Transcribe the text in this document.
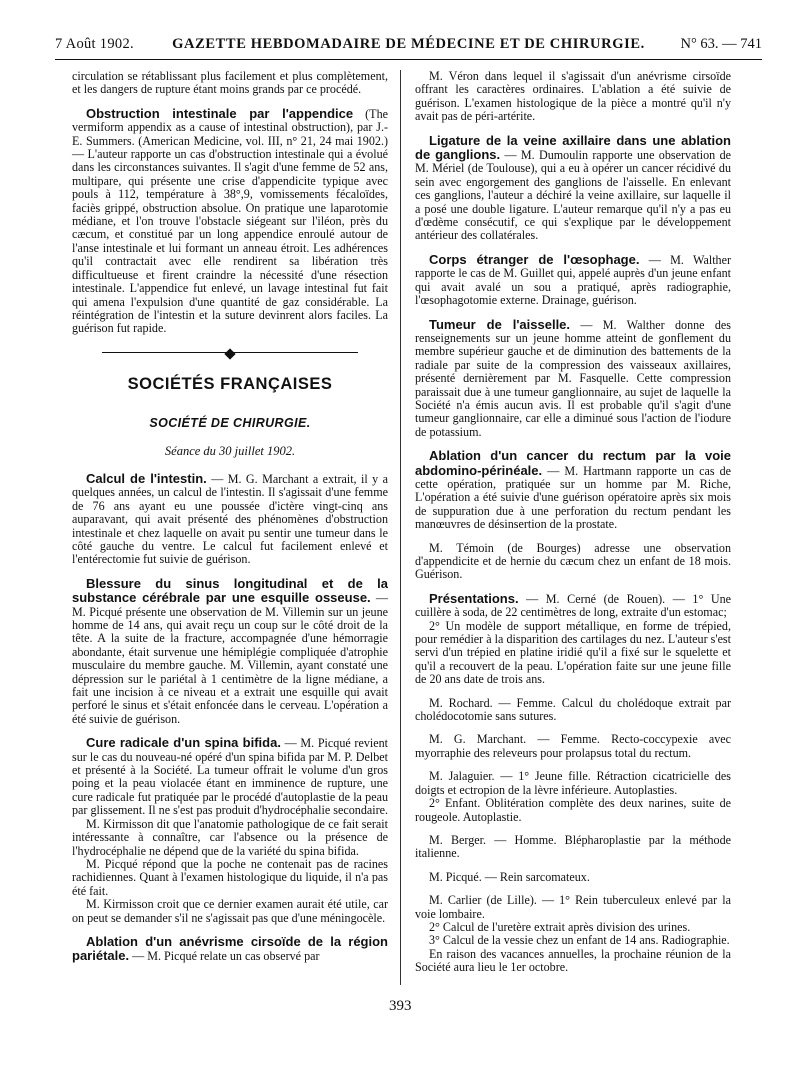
7 Août 1902.	GAZETTE HEBDOMADAIRE DE MÉDECINE ET DE CHIRURGIE.	N° 63. — 741

circulation se rétablissant plus facilement et plus complètement, et les dangers de rupture étant moins grands par ce procédé.

Obstruction intestinale par l'appendice (The vermiform appendix as a cause of intestinal obstruction), par J.-E. Summers. (American Medicine, vol. III, n° 21, 24 mai 1902.) — L'auteur rapporte un cas d'obstruction intestinale qui a évolué dans les circonstances suivantes. Il s'agit d'une femme de 52 ans, multipare, qui présente une crise d'appendicite typique avec pouls à 112, température à 38°,9, vomissements fécaloïdes, faciès grippé, obstruction absolue. On pratique une laparotomie médiane, et l'on trouve l'obstacle siégeant sur l'iléon, près du cæcum, et constitué par un long appendice enroulé autour de l'anse intestinale et lui formant un anneau étroit. Les adhérences qu'il contractait avec elle rendirent sa libération très difficultueuse et firent craindre la nécessité d'une résection intestinale. L'appendice fut enlevé, un lavage intestinal fut fait qui amena l'expulsion d'une quantité de gaz considérable. La réintégration de l'intestin et la suture devinrent alors faciles. La guérison fut rapide.

SOCIÉTÉS FRANÇAISES
SOCIÉTÉ DE CHIRURGIE.
Séance du 30 juillet 1902.

Calcul de l'intestin. — M. G. Marchant a extrait, il y a quelques années, un calcul de l'intestin. Il s'agissait d'une femme de 76 ans ayant eu une poussée d'ictère vingt-cinq ans auparavant, qui avait présenté des phénomènes d'obstruction intestinale et chez laquelle on avait pu sentir une tumeur dans le côté gauche du ventre. Le calcul fut facilement enlevé et l'entérectomie fut suivie de guérison.

Blessure du sinus longitudinal et de la substance cérébrale par une esquille osseuse. — M. Picqué présente une observation de M. Villemin sur un jeune homme de 14 ans, qui avait reçu un coup sur le côté droit de la tête. A la suite de la fracture, accompagnée d'une hémorragie abondante, était survenue une hémiplégie compliquée d'atrophie musculaire du membre gauche. M. Villemin, ayant constaté une dépression sur le pariétal à 1 centimètre de la ligne médiane, a fait une incision à ce niveau et a extrait une esquille qui avait perforé le sinus et s'était enfoncée dans le cerveau. L'opération a été suivie de guérison.

Cure radicale d'un spina bifida. — M. Picqué revient sur le cas du nouveau-né opéré d'un spina bifida par M. P. Delbet et présenté à la Société. La tumeur offrait le volume d'un gros poing et la peau violacée étant en imminence de rupture, une cure radicale fut pratiquée par le procédé d'autoplastie de la peau par glissement. Il ne s'est pas produit d'hydrocéphalie secondaire.

M. Kirmisson dit que l'anatomie pathologique de ce fait serait intéressante à connaître, car l'absence ou la présence de l'hydrocéphalie ne dépend que de la variété du spina bifida.

M. Picqué répond que la poche ne contenait pas de racines rachidiennes. Quant à l'examen histologique du liquide, il n'a pas été fait.

M. Kirmisson croit que ce dernier examen aurait été utile, car on peut se demander s'il ne s'agissait pas que d'une méningocèle.

Ablation d'un anévrisme cirsoïde de la région pariétale. — M. Picqué relate un cas observé par

M. Véron dans lequel il s'agissait d'un anévrisme cirsoïde offrant les caractères ordinaires. L'ablation a été suivie de guérison. L'examen histologique de la pièce a montré qu'il n'y avait pas de péri-artérite.

Ligature de la veine axillaire dans une ablation de ganglions. — M. Dumoulin rapporte une observation de M. Mériel (de Toulouse), qui a eu à opérer un cancer récidivé du sein avec engorgement des ganglions de l'aisselle. En enlevant ces ganglions, l'auteur a déchiré la veine axillaire, sur laquelle il a posé une double ligature. L'auteur remarque qu'il n'y a pas eu d'œdème consécutif, ce qui s'explique par le développement antérieur des collatérales.

Corps étranger de l'œsophage. — M. Walther rapporte le cas de M. Guillet qui, appelé auprès d'un jeune enfant qui avait avalé un sou a pratiqué, après radiographie, l'œsophagotomie externe. Drainage, guérison.

Tumeur de l'aisselle. — M. Walther donne des renseignements sur un jeune homme atteint de gonflement du membre supérieur gauche et de diminution des battements de la radiale par suite de la compression des vaisseaux axillaires, présenté dernièrement par M. Fasquelle. Cette compression paraissait due à une tumeur ganglionnaire, au sujet de laquelle la Société n'a émis aucun avis. Il est probable qu'il s'agit d'une tumeur ganglionnaire, car elle a diminué sous l'action de l'iodure de potassium.

Ablation d'un cancer du rectum par la voie abdomino-périnéale. — M. Hartmann rapporte un cas de cette opération, pratiquée sur un homme par M. Riche, L'opération a été suivie d'une guérison opératoire après six mois de suppuration due à une perforation du rectum pendant les manœuvres de désinsertion de la prostate.

M. Témoin (de Bourges) adresse une observation d'appendicite et de hernie du cæcum chez un enfant de 18 mois. Guérison.

Présentations. — M. Cerné (de Rouen). — 1° Une cuillère à soda, de 22 centimètres de long, extraite d'un estomac;

2° Un modèle de support métallique, en forme de trépied, pour remédier à la disparition des cartilages du nez. L'auteur s'est servi d'un trépied en platine iridié qu'il a fixé sur le squelette et qu'il a recouvert de la peau. L'opération faite sur une jeune fille de 20 ans date de trois ans.

M. Rochard. — Femme. Calcul du cholédoque extrait par cholédocotomie sans sutures.

M. G. Marchant. — Femme. Recto-coccypexie avec myorraphie des releveurs pour prolapsus total du rectum.

M. Jalaguier. — 1° Jeune fille. Rétraction cicatricielle des doigts et ectropion de la lèvre inférieure. Autoplasties.

2° Enfant. Oblitération complète des deux narines, suite de rougeole. Autoplastie.

M. Berger. — Homme. Blépharoplastie par la méthode italienne.

M. Picqué. — Rein sarcomateux.

M. Carlier (de Lille). — 1° Rein tuberculeux enlevé par la voie lombaire.

2° Calcul de l'uretère extrait après division des urines.

3° Calcul de la vessie chez un enfant de 14 ans. Radiographie.

En raison des vacances annuelles, la prochaine réunion de la Société aura lieu le 1er octobre.

393
